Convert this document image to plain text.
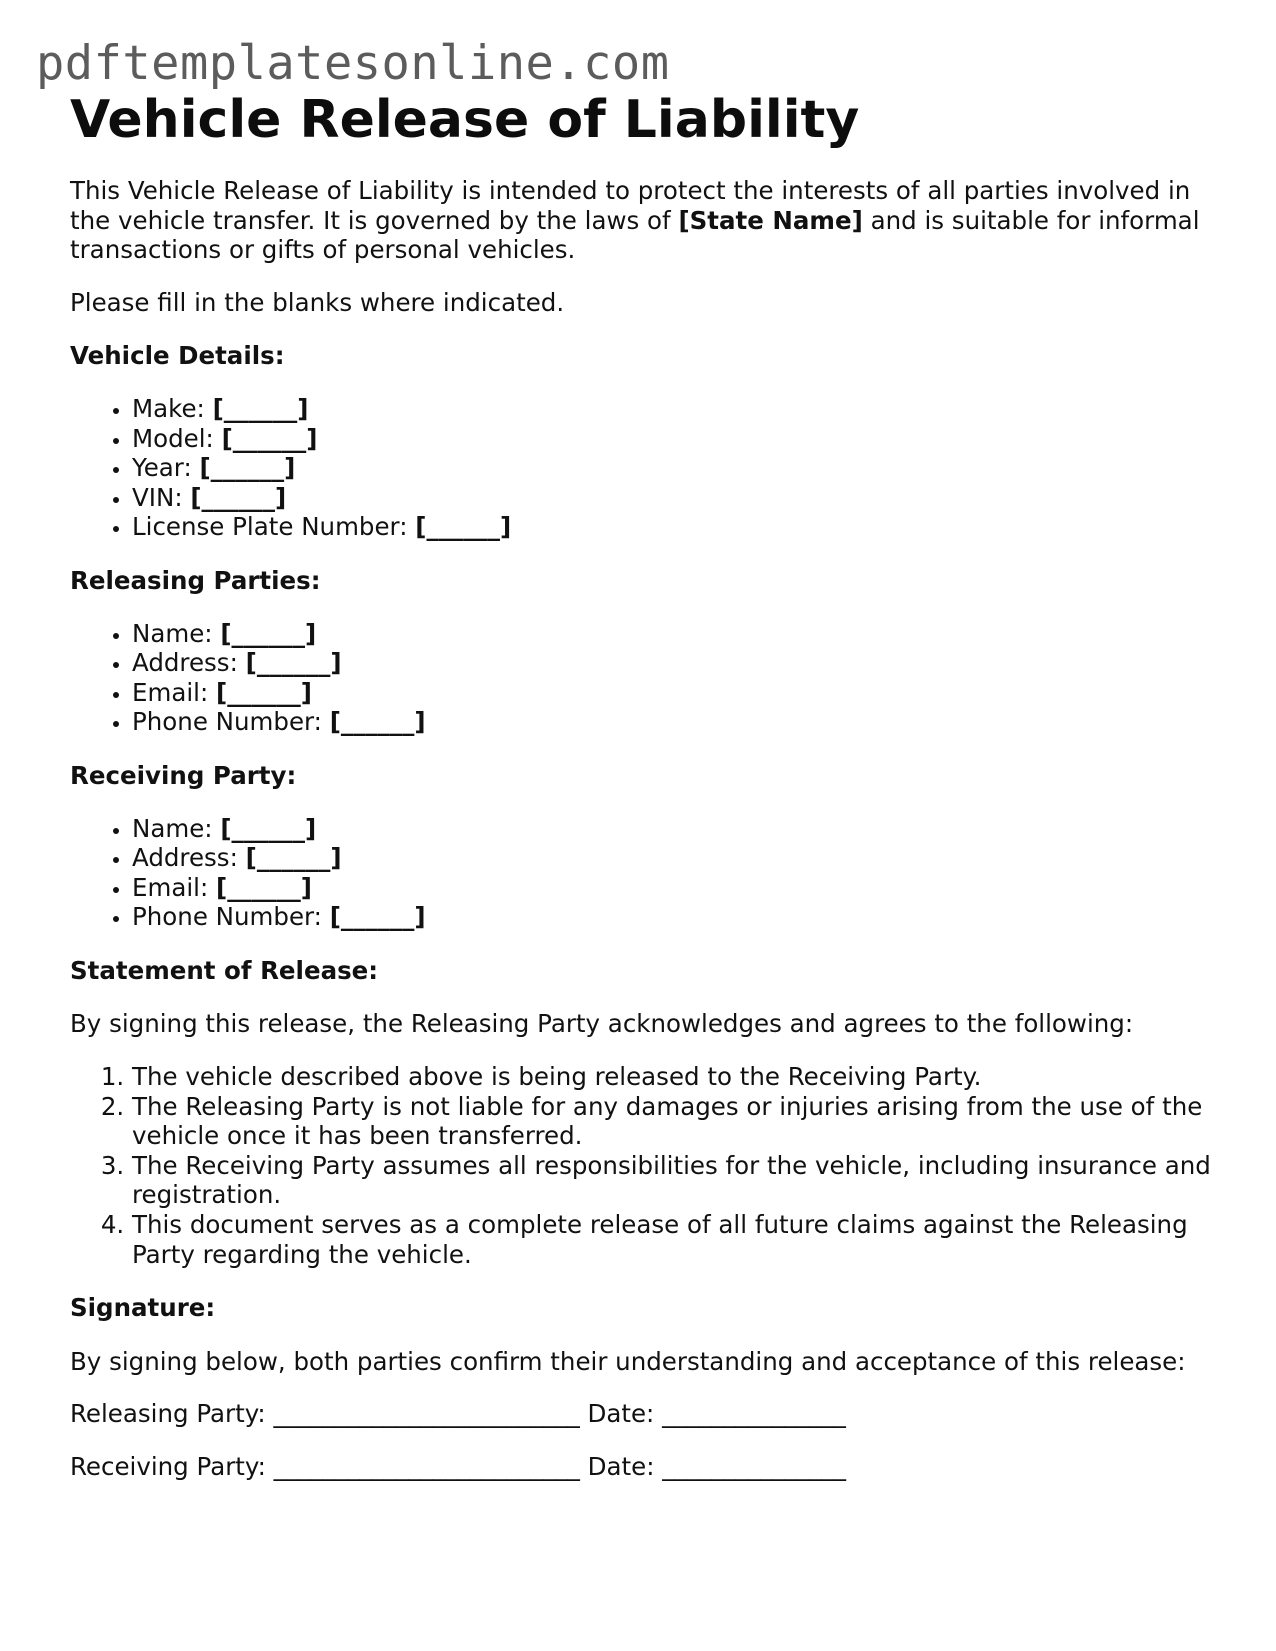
pdftemplatesonline.com
Vehicle Release of Liability

This Vehicle Release of Liability is intended to protect the interests of all parties involved in the vehicle transfer. It is governed by the laws of [State Name] and is suitable for informal transactions or gifts of personal vehicles.

Please fill in the blanks where indicated.

Vehicle Details:
• Make: [______]
• Model: [______]
• Year: [______]
• VIN: [______]
• License Plate Number: [______]
Releasing Parties:
• Name: [______]
• Address: [______]
• Email: [______]
• Phone Number: [______]
Receiving Party:
• Name: [______]
• Address: [______]
• Email: [______]
• Phone Number: [______]
Statement of Release:

By signing this release, the Releasing Party acknowledges and agrees to the following:

1. The vehicle described above is being released to the Receiving Party.
2. The Releasing Party is not liable for any damages or injuries arising from the use of the vehicle once it has been transferred.
3. The Receiving Party assumes all responsibilities for the vehicle, including insurance and registration.
4. This document serves as a complete release of all future claims against the Releasing Party regarding the vehicle.
Signature:

By signing below, both parties confirm their understanding and acceptance of this release:

Releasing Party: _________________________ Date: _______________

Receiving Party: _________________________ Date: _______________
